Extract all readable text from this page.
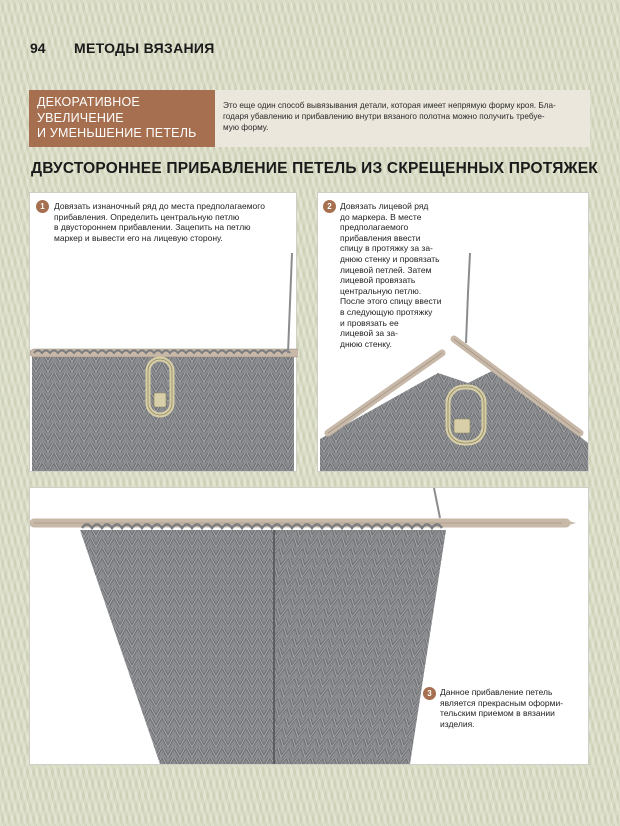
94 МЕТОДЫ ВЯЗАНИЯ
ДЕКОРАТИВНОЕ
УВЕЛИЧЕНИЕ
И УМЕНЬШЕНИЕ ПЕТЕЛЬ
Это еще один способ вывязывания детали, которая имеет непрямую форму кроя. Бла-
годаря убавлению и прибавлению внутри вязаного полотна можно получить требуе-
мую форму.
ДВУСТОРОННЕЕ ПРИБАВЛЕНИЕ ПЕТЕЛЬ ИЗ СКРЕЩЕННЫХ ПРОТЯЖЕК
1	Довязать изнаночный ряд до места предполагаемого
прибавления. Определить центральную петлю
в двустороннем прибавлении. Зацепить на петлю
маркер и вывести его на лицевую сторону.
2 Довязать лицевой ряд
до маркера. В месте
предполагаемого
прибавления ввести
спицу в протяжку за за-
днюю стенку и провязать
лицевой петлей. Затем
лицевой провязать
центральную петлю.
После этого спицу ввести
в следующую протяжку
и провязать ее
лицевой за за-
днюю стенку.
3 Данное прибавление петель
является прекрасным оформи-
тельским приемом в вязании
изделия.
